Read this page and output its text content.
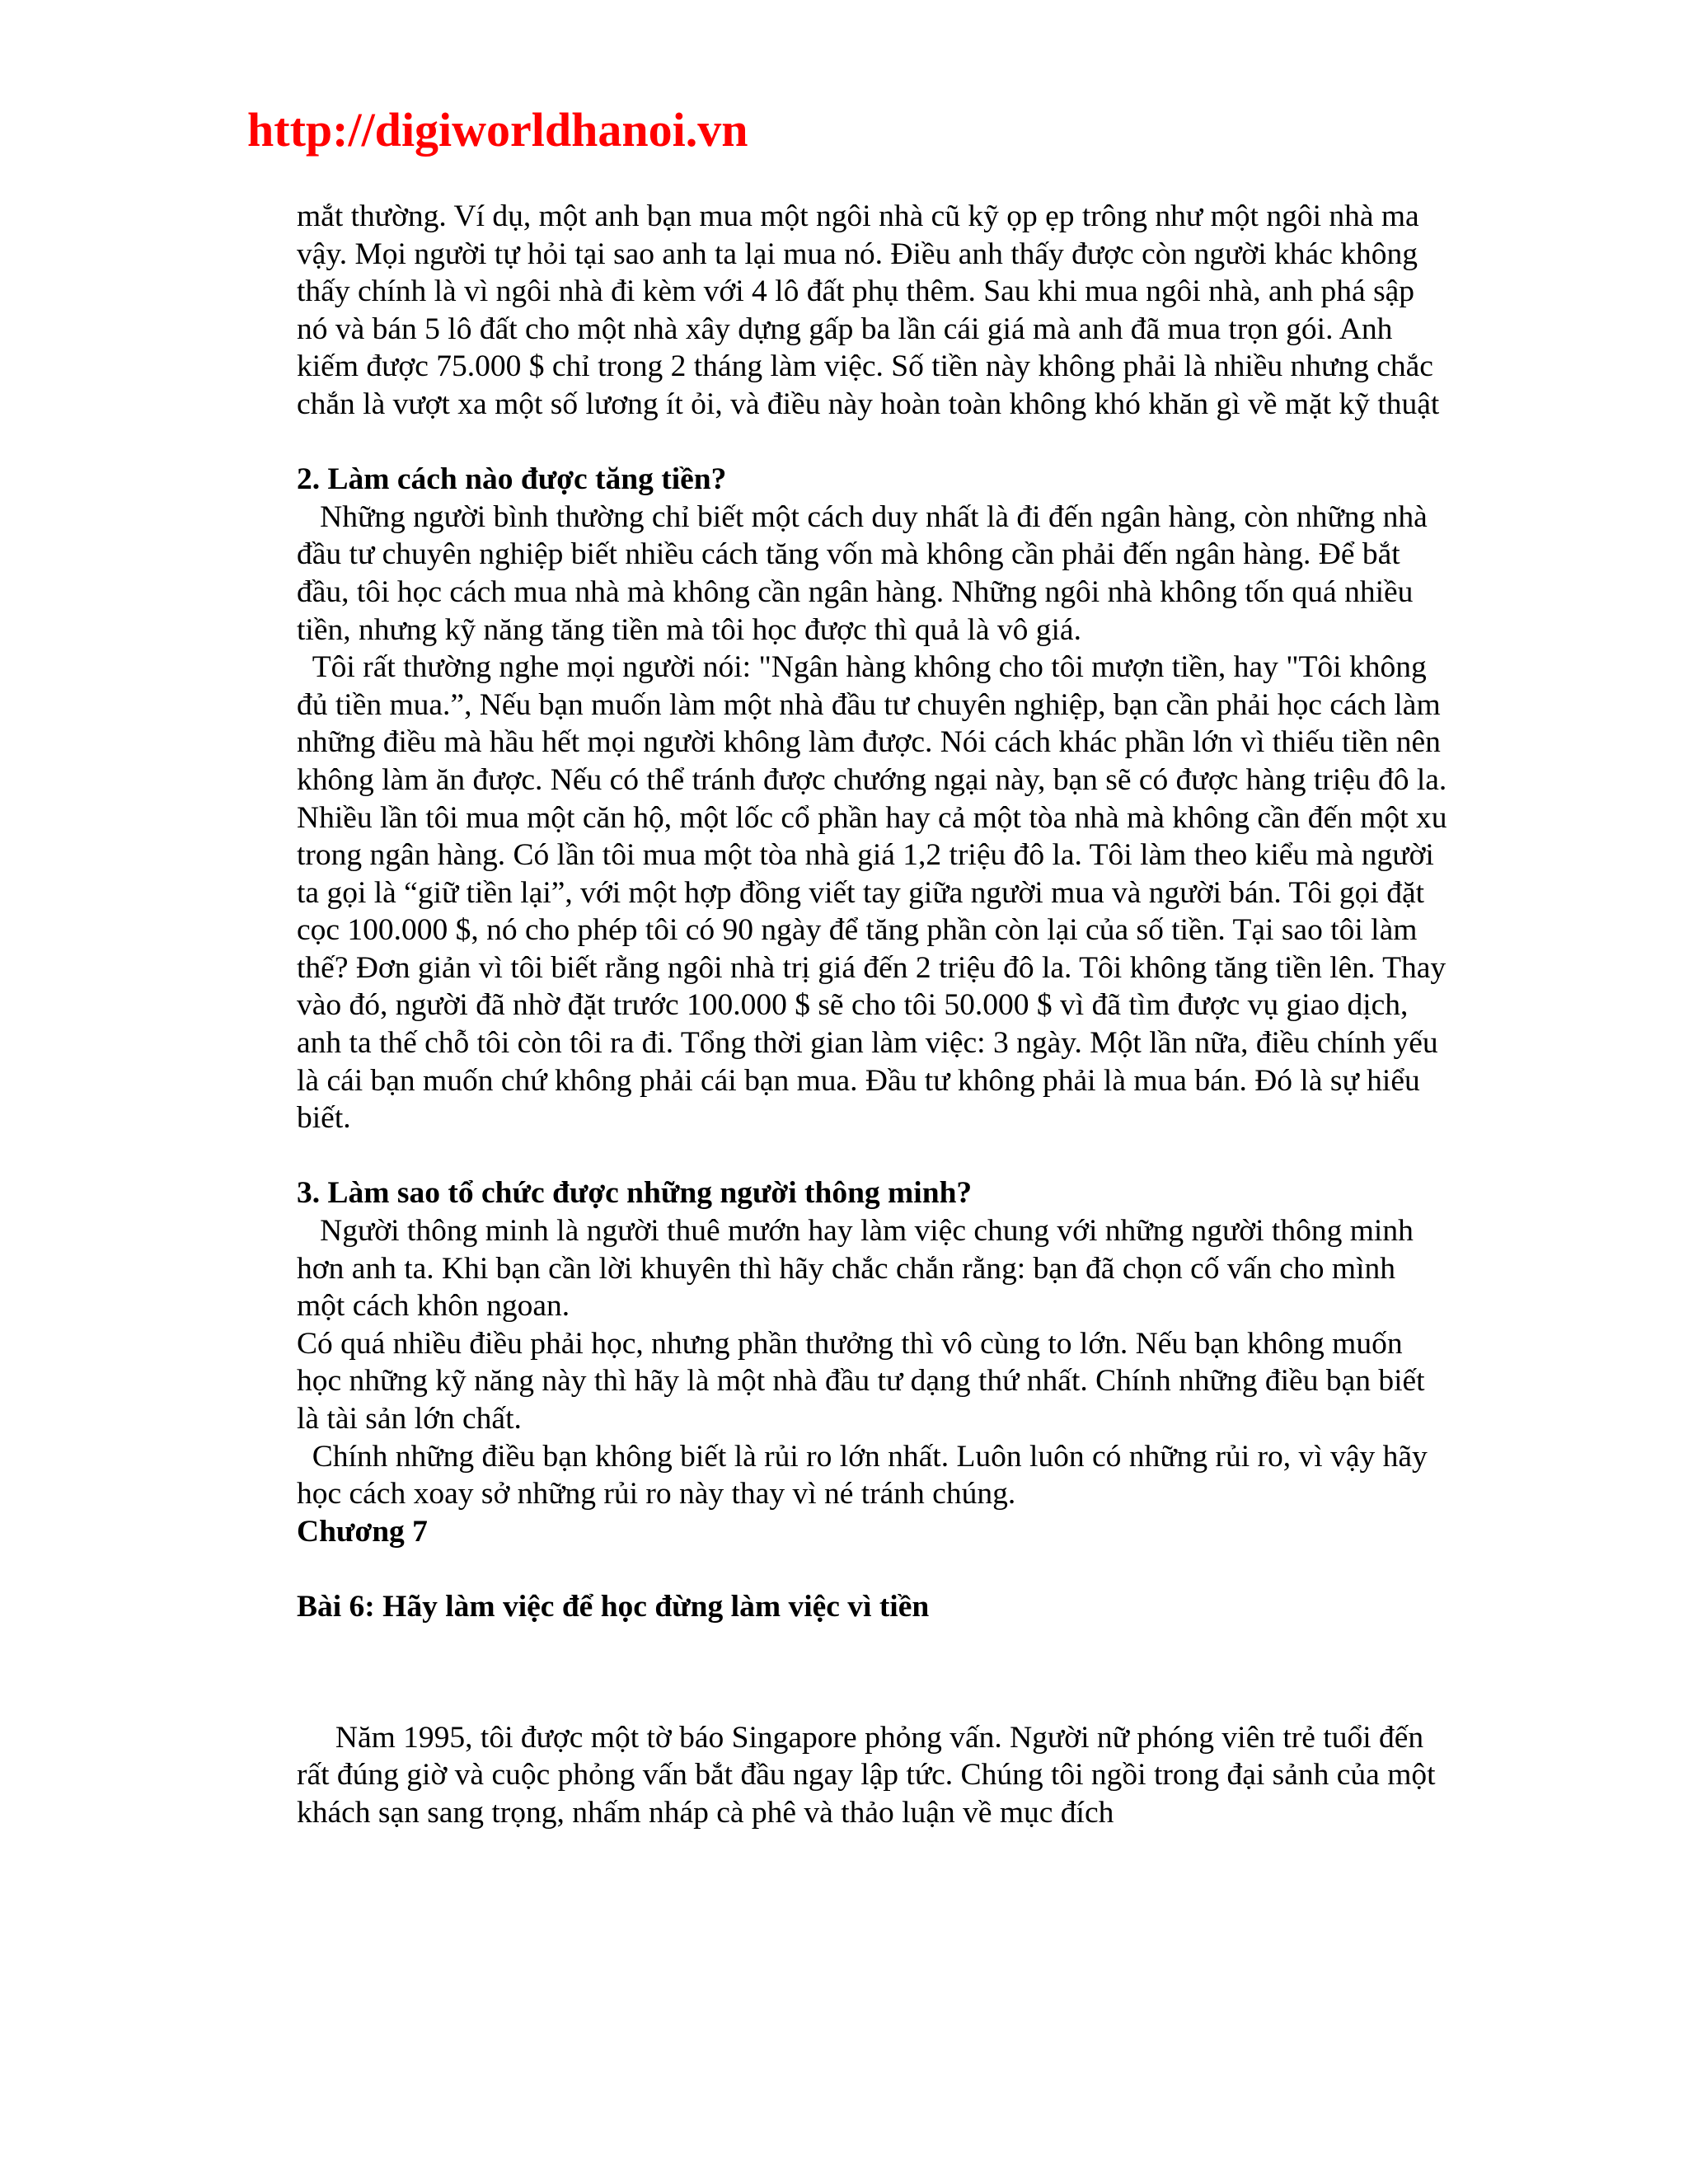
http://digiworldhanoi.vn

mắt thường. Ví dụ, một anh bạn mua một ngôi nhà cũ kỹ ọp ẹp trông như một ngôi nhà ma vậy. Mọi người tự hỏi tại sao anh ta lại mua nó. Điều anh thấy được còn người khác không thấy chính là vì ngôi nhà đi kèm với 4 lô đất phụ thêm. Sau khi mua ngôi nhà, anh phá sập nó và bán 5 lô đất cho một nhà xây dựng gấp ba lần cái giá mà anh đã mua trọn gói. Anh kiếm được 75.000 $ chỉ trong 2 tháng làm việc. Số tiền này không phải là nhiều nhưng chắc chắn là vượt xa một số lương ít ỏi, và điều này hoàn toàn không khó khăn gì về mặt kỹ thuật

2. Làm cách nào được tăng tiền?

Những người bình thường chỉ biết một cách duy nhất là đi đến ngân hàng, còn những nhà đầu tư chuyên nghiệp biết nhiều cách tăng vốn mà không cần phải đến ngân hàng. Để bắt đầu, tôi học cách mua nhà mà không cần ngân hàng. Những ngôi nhà không tốn quá nhiều tiền, nhưng kỹ năng tăng tiền mà tôi học được thì quả là vô giá.

Tôi rất thường nghe mọi người nói: "Ngân hàng không cho tôi mượn tiền, hay "Tôi không đủ tiền mua.”, Nếu bạn muốn làm một nhà đầu tư chuyên nghiệp, bạn cần phải học cách làm những điều mà hầu hết mọi người không làm được. Nói cách khác phần lớn vì thiếu tiền nên không làm ăn được. Nếu có thể tránh được chướng ngại này, bạn sẽ có được hàng triệu đô la. Nhiều lần tôi mua một căn hộ, một lốc cổ phần hay cả một tòa nhà mà không cần đến một xu trong ngân hàng. Có lần tôi mua một tòa nhà giá 1,2 triệu đô la. Tôi làm theo kiểu mà người ta gọi là “giữ tiền lại”, với một hợp đồng viết tay giữa người mua và người bán. Tôi gọi đặt cọc 100.000 $, nó cho phép tôi có 90 ngày để tăng phần còn lại của số tiền. Tại sao tôi làm thế? Đơn giản vì tôi biết rằng ngôi nhà trị giá đến 2 triệu đô la. Tôi không tăng tiền lên. Thay vào đó, người đã nhờ đặt trước 100.000 $ sẽ cho tôi 50.000 $ vì đã tìm được vụ giao dịch, anh ta thế chỗ tôi còn tôi ra đi. Tổng thời gian làm việc: 3 ngày. Một lần nữa, điều chính yếu là cái bạn muốn chứ không phải cái bạn mua. Đầu tư không phải là mua bán. Đó là sự hiểu biết.

3. Làm sao tổ chức được những người thông minh?

Người thông minh là người thuê mướn hay làm việc chung với những người thông minh hơn anh ta. Khi bạn cần lời khuyên thì hãy chắc chắn rằng: bạn đã chọn cố vấn cho mình một cách khôn ngoan.

Có quá nhiều điều phải học, nhưng phần thưởng thì vô cùng to lớn. Nếu bạn không muốn học những kỹ năng này thì hãy là một nhà đầu tư dạng thứ nhất. Chính những điều bạn biết là tài sản lớn chất.

Chính những điều bạn không biết là rủi ro lớn nhất. Luôn luôn có những rủi ro, vì vậy hãy học cách xoay sở những rủi ro này thay vì né tránh chúng.

Chương 7

Bài 6: Hãy làm việc để học đừng làm việc vì tiền

Năm 1995, tôi được một tờ báo Singapore phỏng vấn. Người nữ phóng viên trẻ tuổi đến rất đúng giờ và cuộc phỏng vấn bắt đầu ngay lập tức. Chúng tôi ngồi trong đại sảnh của một khách sạn sang trọng, nhấm nháp cà phê và thảo luận về mục đích
